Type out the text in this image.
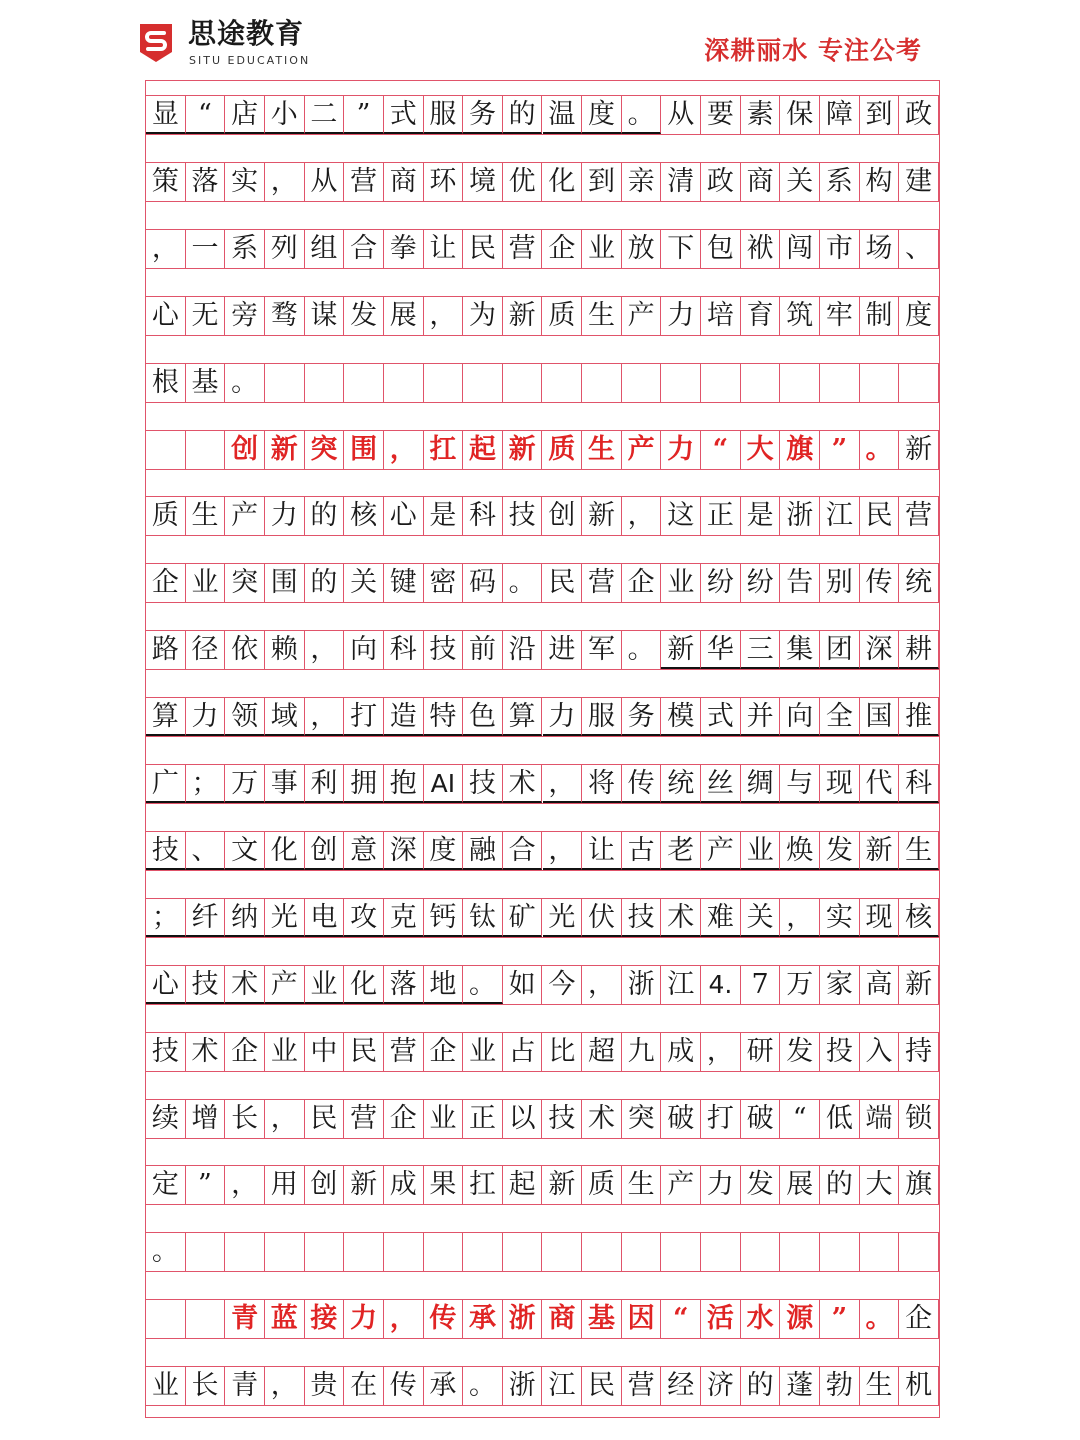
思途教育
SITU EDUCATION	深耕丽水 专注公考
显 “ 店 小 二 ” 式 服 务 的 温 度 。 从 要 素 保 障 到 政
策 落 实 ， 从 营 商 环 境 优 化 到 亲 清 政 商 关 系 构 建
， 一 系 列 组 合 拳 让 民 营 企 业 放 下 包 袱 闯 市 场 、
心 无 旁 骛 谋 发 展 ， 为 新 质 生 产 力 培 育 筑 牢 制 度
根 基 。
创 新 突 围 ， 扛 起 新 质 生 产 力 “ 大 旗 ” 。 新
质 生 产 力 的 核 心 是 科 技 创 新 ， 这 正 是 浙 江 民 营
企 业 突 围 的 关 键 密 码 。 民 营 企 业 纷 纷 告 别 传 统
路 径 依 赖 ， 向 科 技 前 沿 进 军 。 新 华 三 集 团 深 耕
算 力 领 域 ， 打 造 特 色 算 力 服 务 模 式 并 向 全 国 推
广 ； 万 事 利 拥 抱 AI 技 术 ， 将 传 统 丝 绸 与 现 代 科
技 、 文 化 创 意 深 度 融 合 ， 让 古 老 产 业 焕 发 新 生
； 纤 纳 光 电 攻 克 钙 钛 矿 光 伏 技 术 难 关 ， 实 现 核
心 技 术 产 业 化 落 地 。 如 今 ， 浙 江 4. 7 万 家 高 新
技 术 企 业 中 民 营 企 业 占 比 超 九 成 ， 研 发 投 入 持
续 增 长 ， 民 营 企 业 正 以 技 术 突 破 打 破 “ 低 端 锁
定 ” ， 用 创 新 成 果 扛 起 新 质 生 产 力 发 展 的 大 旗
。
青 蓝 接 力 ， 传 承 浙 商 基 因 “ 活 水 源 ” 。 企
业 长 青 ， 贵 在 传 承 。 浙 江 民 营 经 济 的 蓬 勃 生 机
